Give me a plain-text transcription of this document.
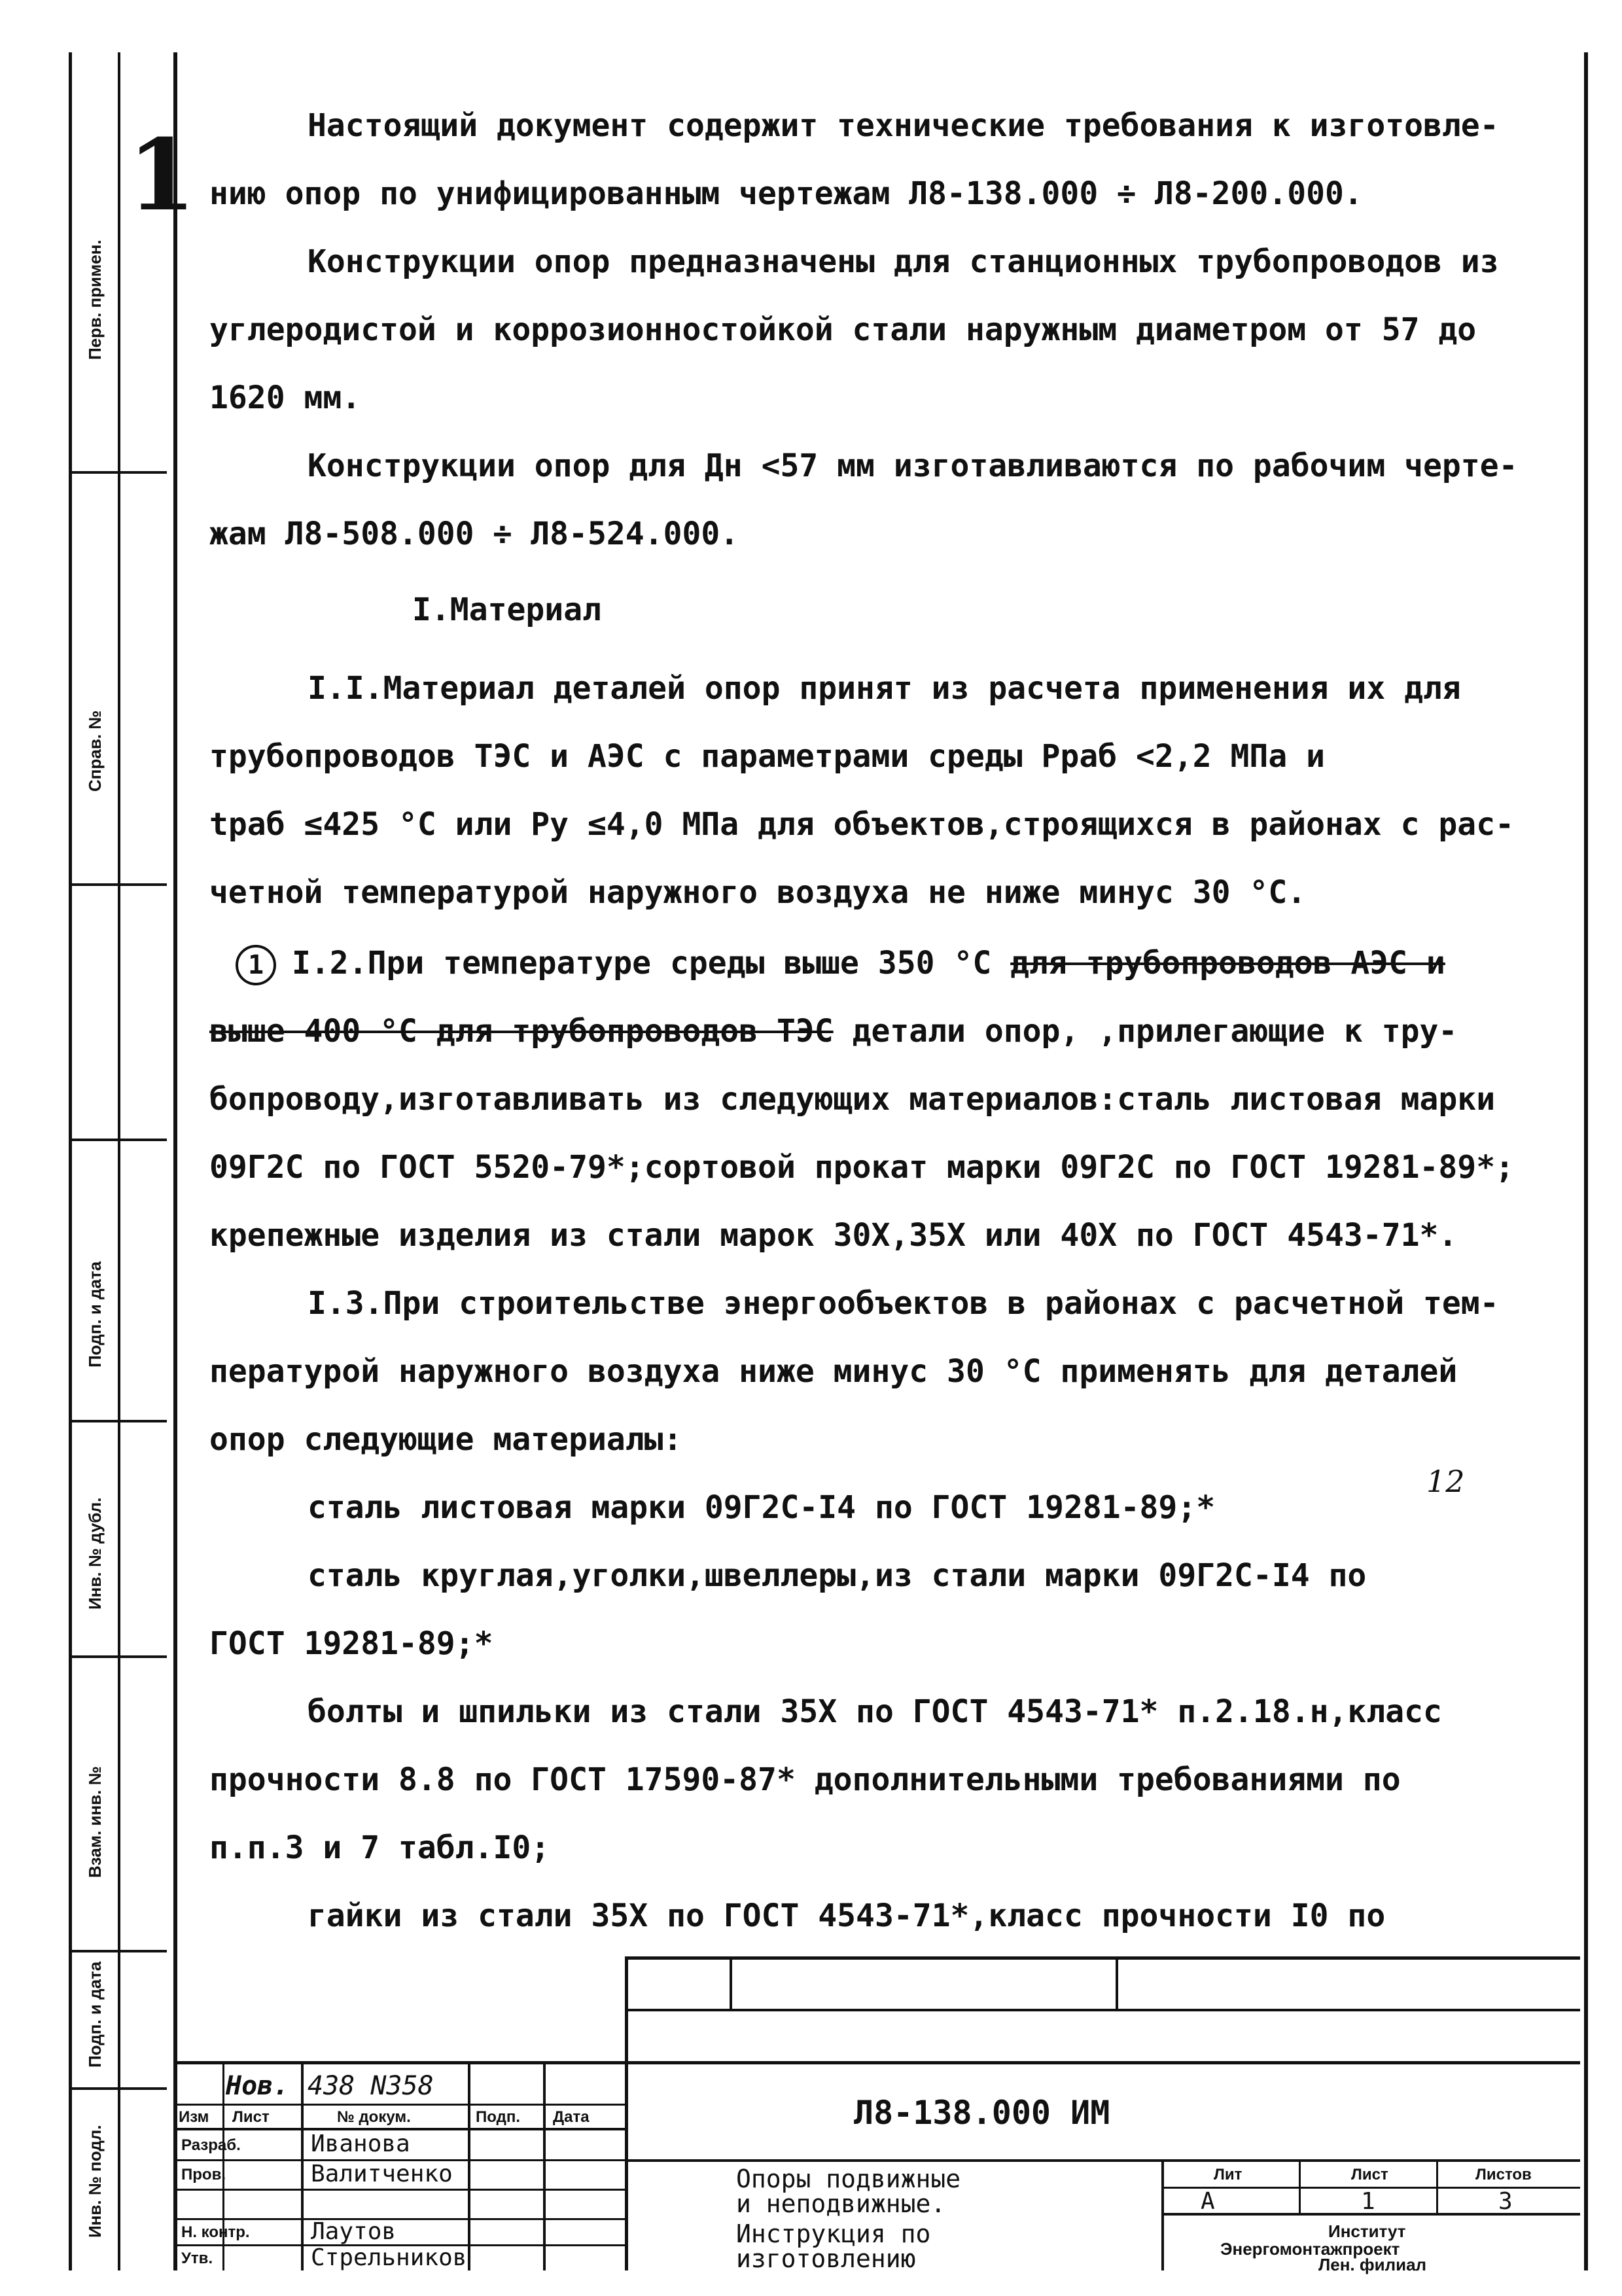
Перв. примен.
Справ. №
Подп. и дата
Инв. № дубл.
Взам. инв. №
Подп. и дата
Инв. № подл.
1	Настоящий документ содержит технические требования к изготовле-
нию опор по унифицированным чертежам Л8-138.000 ÷ Л8-200.000.
Конструкции опор предназначены для станционных трубопроводов из
углеродистой и коррозионностойкой стали наружным диаметром от 57 до
1620 мм.
Конструкции опор для Дн <57 мм изготавливаются по рабочим черте-
жам Л8-508.000 ÷ Л8-524.000.
I.Материал
I.I.Материал деталей опор принят из расчета применения их для
трубопроводов ТЭС и АЭС с параметрами среды Рраб <2,2 МПа и
tраб ≤425 °С или Ру ≤4,0 МПа для объектов,строящихся в районах с рас-
четной температурой наружного воздуха не ниже минус 30 °С.
1 I.2.При температуре среды выше 350 °С для трубопроводов АЭС и
выше 400 °С для трубопроводов ТЭС детали опор, ,прилегающие к тру-
бопроводу,изготавливать из следующих материалов:сталь листовая марки
09Г2С по ГОСТ 5520-79*;сортовой прокат марки 09Г2С по ГОСТ 19281-89*;
крепежные изделия из стали марок 30Х,35Х или 40Х по ГОСТ 4543-71*.
I.3.При строительстве энергообъектов в районах с расчетной тем-
пературой наружного воздуха ниже минус 30 °С применять для деталей
опор следующие материалы:
сталь листовая марки 09Г2С-I4 по ГОСТ 19281-89;*
12
сталь круглая,уголки,швеллеры,из стали марки 09Г2С-I4 по
ГОСТ 19281-89;*
болты и шпильки из стали 35Х по ГОСТ 4543-71* п.2.18.н,класс
прочности 8.8 по ГОСТ 17590-87* дополнительными требованиями по
п.п.3 и 7 табл.I0;
гайки из стали 35Х по ГОСТ 4543-71*,класс прочности I0 по
Нов. 438 N358
Изм Лист	№ докум.	Подп. Дата
Разраб.	Иванова
Пров.	Валитченко
Н. контр.	Лаутов
Утв.	Стрельников
Л8-138.000 ИМ
Опоры подвижные
и неподвижные.
Инструкция по
изготовлению
Лит	Лист	Листов
А	1	3
Институт
Энергомонтажпроект
Лен. филиал
